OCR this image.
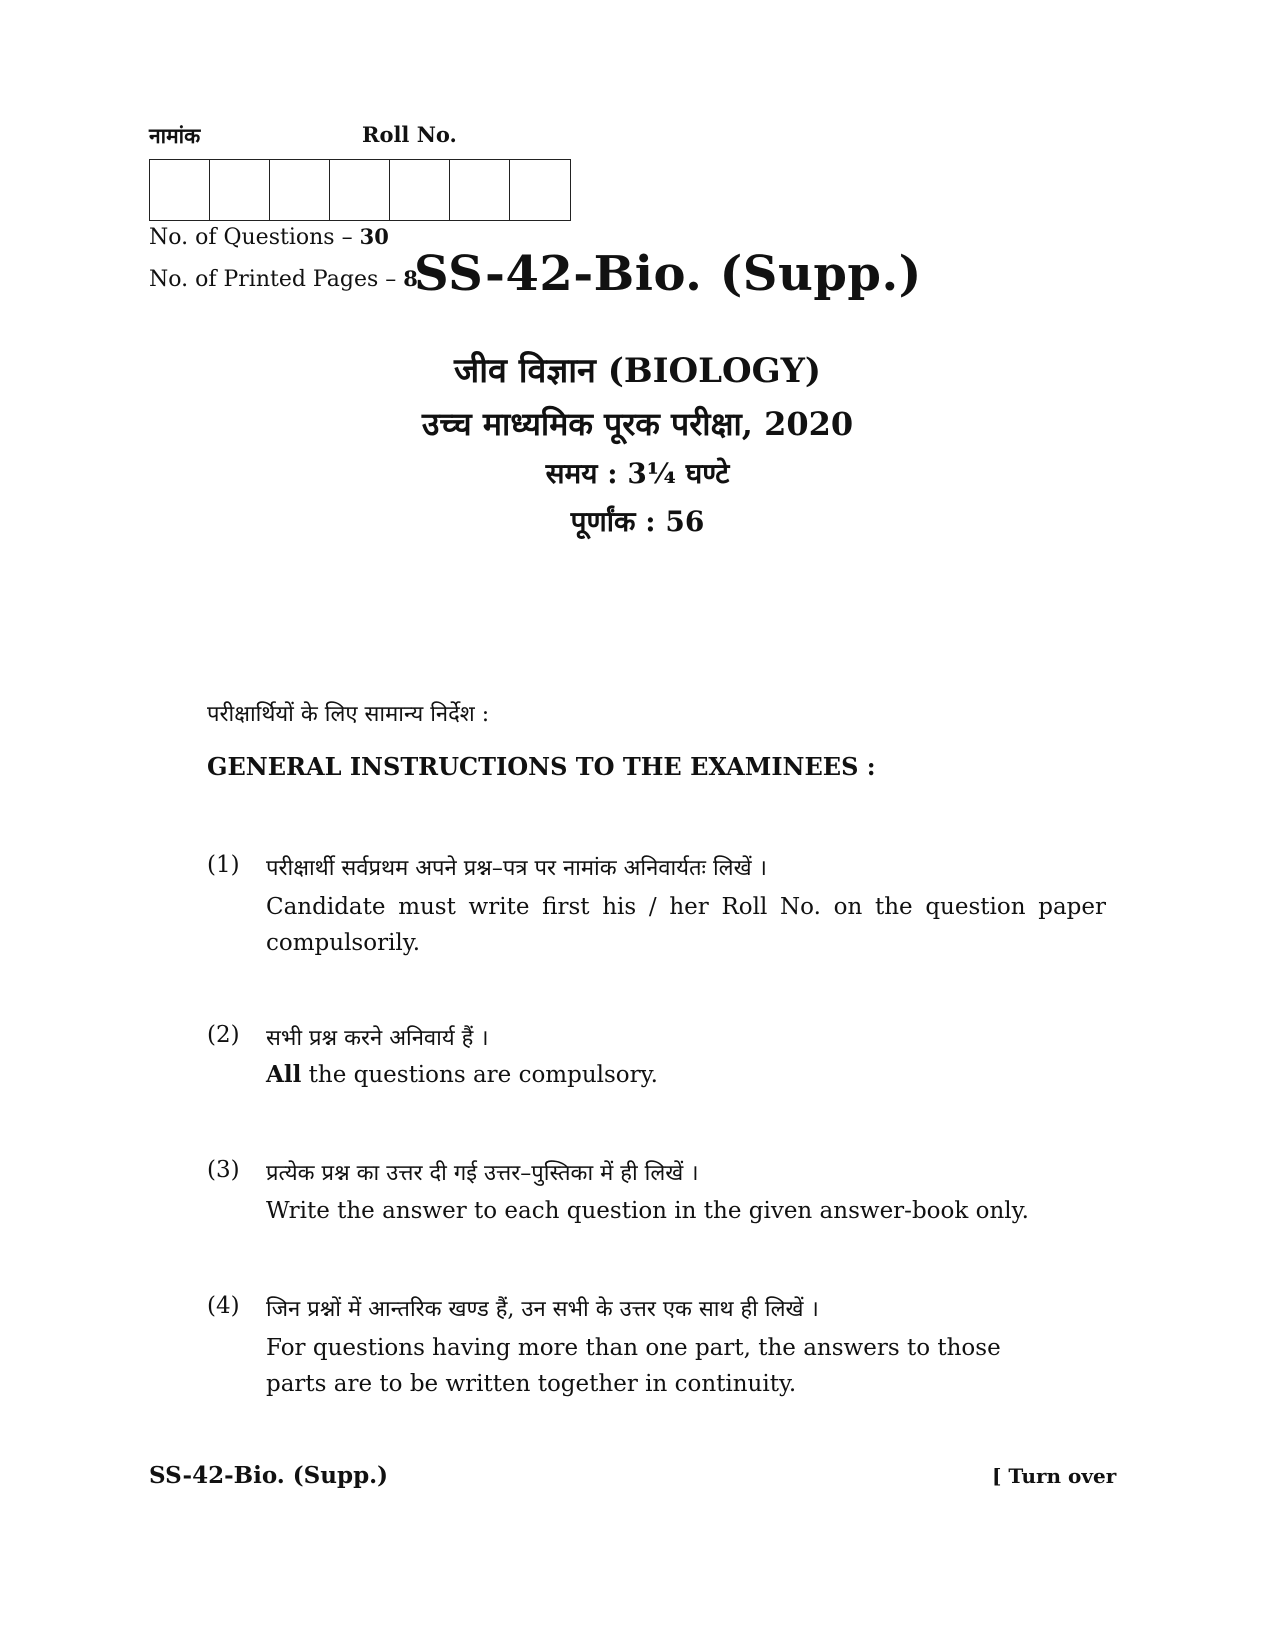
नामांक	Roll No.
No. of Questions – 30
No. of Printed Pages – 8
SS-42-Bio. (Supp.)
जीव विज्ञान (BIOLOGY)
उच्च माध्यमिक पूरक परीक्षा, 2020
समय : 3¼ घण्टे
पूर्णांक : 56
परीक्षार्थियों के लिए सामान्य निर्देश :
GENERAL INSTRUCTIONS TO THE EXAMINEES :
(1) परीक्षार्थी सर्वप्रथम अपने प्रश्न–पत्र पर नामांक अनिवार्यतः लिखें ।
Candidate must write first his / her Roll No. on the question paper compulsorily.
(2) सभी प्रश्न करने अनिवार्य हैं ।
All the questions are compulsory.
(3) प्रत्येक प्रश्न का उत्तर दी गई उत्तर–पुस्तिका में ही लिखें ।
Write the answer to each question in the given answer-book only.
(4) जिन प्रश्नों में आन्तरिक खण्ड हैं, उन सभी के उत्तर एक साथ ही लिखें ।
For questions having more than one part, the answers to those parts are to be written together in continuity.
SS-42-Bio. (Supp.)	[ Turn over
